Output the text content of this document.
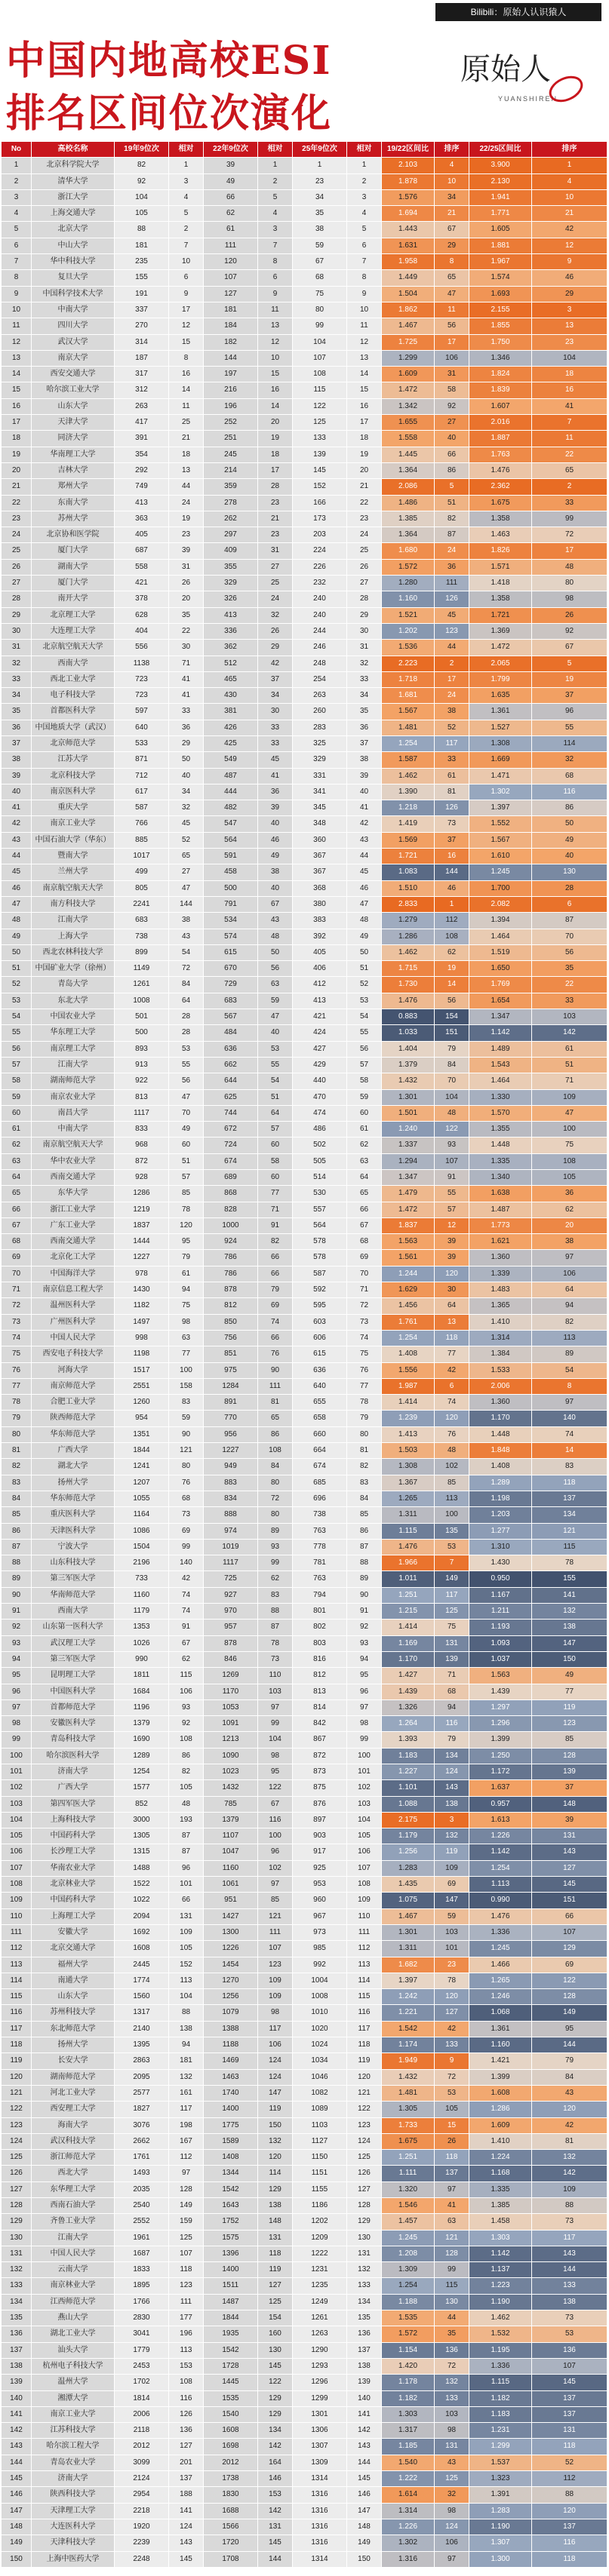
Bilibili：原始人认识猿人
中国内地高校ESI
排名区间位次演化
原始人
YUANSHIREN
No	高校名称	19年9位次	相对	22年9位次	相对	25年9位次	相对	19/22区间比	排序	22/25区间比	排序
1	北京科学院大学	82	1	39	1	1	1	2.103	4	3.900	1
2	清华大学	92	3	49	2	23	2	1.878	10	2.130	4
3	浙江大学	104	4	66	5	34	3	1.576	34	1.941	10
4	上海交通大学	105	5	62	4	35	4	1.694	21	1.771	21
5	北京大学	88	2	61	3	38	5	1.443	67	1.605	42
6	中山大学	181	7	111	7	59	6	1.631	29	1.881	12
7	华中科技大学	235	10	120	8	67	7	1.958	8	1.967	9
8	复旦大学	155	6	107	6	68	8	1.449	65	1.574	46
9	中国科学技术大学	191	9	127	9	75	9	1.504	47	1.693	29
10	中南大学	337	17	181	11	80	10	1.862	11	2.155	3
11	四川大学	270	12	184	13	99	11	1.467	56	1.855	13
12	武汉大学	314	15	182	12	104	12	1.725	17	1.750	23
13	南京大学	187	8	144	10	107	13	1.299	106	1.346	104
14	西安交通大学	317	16	197	15	108	14	1.609	31	1.824	18
15	哈尔滨工业大学	312	14	216	16	115	15	1.472	58	1.839	16
16	山东大学	263	11	196	14	122	16	1.342	92	1.607	41
17	天津大学	417	25	252	20	125	17	1.655	27	2.016	7
18	同济大学	391	21	251	19	133	18	1.558	40	1.887	11
19	华南理工大学	354	18	245	18	139	19	1.445	66	1.763	22
20	吉林大学	292	13	214	17	145	20	1.364	86	1.476	65
21	郑州大学	749	44	359	28	152	21	2.086	5	2.362	2
22	东南大学	413	24	278	23	166	22	1.486	51	1.675	33
23	苏州大学	363	19	262	21	173	23	1.385	82	1.358	99
24	北京协和医学院	405	23	297	23	203	24	1.364	87	1.463	72
25	厦门大学	687	39	409	31	224	25	1.680	24	1.826	17
26	湖南大学	558	31	355	27	226	26	1.572	36	1.571	48
27	厦门大学	421	26	329	25	232	27	1.280	111	1.418	80
28	南开大学	378	20	326	24	240	28	1.160	126	1.358	98
29	北京理工大学	628	35	413	32	240	29	1.521	45	1.721	26
30	大连理工大学	404	22	336	26	244	30	1.202	123	1.369	92
31	北京航空航天大学	556	30	362	29	246	31	1.536	44	1.472	67
32	西南大学	1138	71	512	42	248	32	2.223	2	2.065	5
33	西北工业大学	723	41	465	37	254	33	1.718	17	1.799	19
34	电子科技大学	723	41	430	34	263	34	1.681	24	1.635	37
35	首都医科大学	597	33	381	30	260	35	1.567	38	1.361	96
36	中国地质大学（武汉）	640	36	426	33	283	36	1.481	52	1.527	55
37	北京师范大学	533	29	425	33	325	37	1.254	117	1.308	114
38	江苏大学	871	50	549	45	329	38	1.587	33	1.669	32
39	北京科技大学	712	40	487	41	331	39	1.462	61	1.471	68
40	南京医科大学	617	34	444	36	341	40	1.390	81	1.302	116
41	重庆大学	587	32	482	39	345	41	1.218	126	1.397	86
42	南京工业大学	766	45	547	40	348	42	1.419	73	1.552	50
43	中国石油大学（华东）	885	52	564	46	360	43	1.569	37	1.567	49
44	暨南大学	1017	65	591	49	367	44	1.721	16	1.610	40
45	兰州大学	499	27	458	38	367	45	1.083	144	1.245	130
46	南京航空航天大学	805	47	500	40	368	46	1.510	46	1.700	28
47	南方科技大学	2241	144	791	67	380	47	2.833	1	2.082	6
48	江南大学	683	38	534	43	383	48	1.279	112	1.394	87
49	上海大学	738	43	574	48	392	49	1.286	108	1.464	70
50	西北农林科技大学	899	54	615	50	405	50	1.462	62	1.519	56
51	中国矿业大学（徐州）	1149	72	670	56	406	51	1.715	19	1.650	35
52	青岛大学	1261	84	729	63	412	52	1.730	14	1.769	22
53	东北大学	1008	64	683	59	413	53	1.476	56	1.654	33
54	中国农业大学	501	28	567	47	421	54	0.883	154	1.347	103
55	华东理工大学	500	28	484	40	424	55	1.033	151	1.142	142
56	南京理工大学	893	53	636	53	427	56	1.404	79	1.489	61
57	江南大学	913	55	662	55	429	57	1.379	84	1.543	51
58	湖南师范大学	922	56	644	54	440	58	1.432	70	1.464	71
59	南京农业大学	813	47	625	51	470	59	1.301	104	1.330	109
60	南昌大学	1117	70	744	64	474	60	1.501	48	1.570	47
61	中南大学	833	49	672	57	486	61	1.240	122	1.355	100
62	南京航空航天大学	968	60	724	60	502	62	1.337	93	1.448	75
63	华中农业大学	872	51	674	58	505	63	1.294	107	1.335	108
64	西南交通大学	928	57	689	60	514	64	1.347	91	1.340	105
65	东华大学	1286	85	868	77	530	65	1.479	55	1.638	36
66	浙江工业大学	1219	78	828	71	557	66	1.472	57	1.487	62
67	广东工业大学	1837	120	1000	91	564	67	1.837	12	1.773	20
68	西南交通大学	1444	95	924	82	578	68	1.563	39	1.621	38
69	北京化工大学	1227	79	786	66	578	69	1.561	39	1.360	97
70	中国海洋大学	978	61	786	66	587	70	1.244	120	1.339	106
71	南京信息工程大学	1430	94	878	79	592	71	1.629	30	1.483	64
72	温州医科大学	1182	75	812	69	595	72	1.456	64	1.365	94
73	广州医科大学	1497	98	850	74	603	73	1.761	13	1.410	82
74	中国人民大学	998	63	756	66	606	74	1.254	118	1.314	113
75	西安电子科技大学	1198	77	851	76	615	75	1.408	77	1.384	89
76	河海大学	1517	100	975	90	636	76	1.556	42	1.533	54
77	南京师范大学	2551	158	1284	111	640	77	1.987	6	2.006	8
78	合肥工业大学	1260	83	891	81	655	78	1.414	74	1.360	97
79	陕西师范大学	954	59	770	65	658	79	1.239	120	1.170	140
80	华东师范大学	1351	90	956	86	660	80	1.413	76	1.448	74
81	广西大学	1844	121	1227	108	664	81	1.503	48	1.848	14
82	湖北大学	1241	80	949	84	674	82	1.308	102	1.408	83
83	扬州大学	1207	76	883	80	685	83	1.367	85	1.289	118
84	华东师范大学	1055	68	834	72	696	84	1.265	113	1.198	137
85	重庆医科大学	1164	73	888	80	738	85	1.311	100	1.203	134
86	天津医科大学	1086	69	974	89	763	86	1.115	135	1.277	121
87	宁波大学	1504	99	1019	93	778	87	1.476	53	1.310	115
88	山东科技大学	2196	140	1117	99	781	88	1.966	7	1.430	78
89	第三军医大学	733	42	725	62	763	89	1.011	149	0.950	155
90	华南师范大学	1160	74	927	83	794	90	1.251	117	1.167	141
91	西南大学	1179	74	970	88	801	91	1.215	125	1.211	132
92	山东第一医科大学	1353	91	957	87	802	92	1.414	75	1.193	138
93	武汉理工大学	1026	67	878	78	803	93	1.169	131	1.093	147
94	第三军医大学	990	62	846	73	816	94	1.170	139	1.037	150
95	昆明理工大学	1811	115	1269	110	812	95	1.427	71	1.563	49
96	中国医科大学	1684	106	1170	103	813	96	1.439	68	1.439	77
97	首都师范大学	1196	93	1053	97	814	97	1.326	94	1.297	119
98	安徽医科大学	1379	92	1091	99	842	98	1.264	116	1.296	123
99	青岛科技大学	1690	108	1213	104	867	99	1.393	79	1.399	85
100	哈尔滨医科大学	1289	86	1090	98	872	100	1.183	134	1.250	128
101	济南大学	1254	82	1023	95	873	101	1.227	124	1.172	139
102	广西大学	1577	105	1432	122	875	102	1.101	143	1.637	37
103	第四军医大学	852	48	785	67	876	103	1.088	138	0.957	148
104	上海科技大学	3000	193	1379	116	897	104	2.175	3	1.613	39
105	中国药科大学	1305	87	1107	100	903	105	1.179	132	1.226	131
106	长沙理工大学	1315	87	1047	96	917	106	1.256	119	1.142	143
107	华南农业大学	1488	96	1160	102	925	107	1.283	109	1.254	127
108	北京林业大学	1522	101	1061	97	953	108	1.435	69	1.113	145
109	中国药科大学	1022	66	951	85	960	109	1.075	147	0.990	151
110	上海理工大学	2094	131	1427	121	967	110	1.467	59	1.476	66
111	安徽大学	1692	109	1300	111	973	111	1.301	103	1.336	107
112	北京交通大学	1608	105	1226	107	985	112	1.311	101	1.245	129
113	福州大学	2445	152	1454	123	992	113	1.682	23	1.466	69
114	南通大学	1774	113	1270	109	1004	114	1.397	78	1.265	122
115	山东大学	1560	104	1256	109	1008	115	1.242	120	1.246	128
116	苏州科技大学	1317	88	1079	98	1010	116	1.221	127	1.068	149
117	东北师范大学	2140	138	1388	117	1020	117	1.542	42	1.361	95
118	扬州大学	1395	94	1188	106	1024	118	1.174	133	1.160	144
119	长安大学	2863	181	1469	124	1034	119	1.949	9	1.421	79
120	湖南师范大学	2095	132	1463	124	1046	120	1.432	72	1.399	84
121	河北工业大学	2577	161	1740	147	1082	121	1.481	53	1.608	43
122	西安理工大学	1827	117	1400	119	1089	122	1.305	105	1.286	120
123	海南大学	3076	198	1775	150	1103	123	1.733	15	1.609	42
124	武汉科技大学	2662	167	1589	132	1127	124	1.675	26	1.410	81
125	浙江师范大学	1761	112	1408	120	1150	125	1.251	118	1.224	132
126	西北大学	1493	97	1344	114	1151	126	1.111	137	1.168	142
127	东华理工大学	2035	128	1542	129	1155	127	1.320	97	1.335	109
128	西南石油大学	2540	149	1643	138	1186	128	1.546	41	1.385	88
129	齐鲁工业大学	2552	159	1752	148	1202	129	1.457	63	1.458	73
130	江南大学	1961	125	1575	131	1209	130	1.245	121	1.303	117
131	中国人民大学	1687	107	1396	118	1222	131	1.208	128	1.142	143
132	云南大学	1833	118	1400	119	1231	132	1.309	99	1.137	144
133	南京林业大学	1895	123	1511	127	1235	133	1.254	115	1.223	133
134	江西师范大学	1766	111	1487	125	1249	134	1.188	130	1.190	138
135	燕山大学	2830	177	1844	154	1261	135	1.535	44	1.462	73
136	湖北工业大学	3041	196	1935	160	1263	136	1.572	35	1.532	53
137	汕头大学	1779	113	1542	130	1290	137	1.154	136	1.195	136
138	杭州电子科技大学	2453	153	1728	145	1293	138	1.420	72	1.336	107
139	温州大学	1702	108	1445	122	1296	139	1.178	132	1.115	145
140	湘潭大学	1814	116	1535	129	1299	140	1.182	133	1.182	137
141	南京工业大学	2006	126	1540	129	1301	141	1.303	103	1.183	137
142	江苏科技大学	2118	136	1608	134	1306	142	1.317	98	1.231	131
143	哈尔滨工程大学	2012	127	1698	142	1307	143	1.185	131	1.299	118
144	青岛农业大学	3099	201	2012	164	1309	144	1.540	43	1.537	52
145	济南大学	2124	137	1738	146	1314	145	1.222	125	1.323	112
146	陕西科技大学	2954	188	1830	153	1316	146	1.614	32	1.391	88
147	天津理工大学	2218	141	1688	142	1316	147	1.314	98	1.283	120
148	大连医科大学	1920	124	1566	131	1316	148	1.226	124	1.190	137
149	天津科技大学	2239	143	1720	145	1316	149	1.302	106	1.307	116
150	上海中医药大学	2248	145	1708	144	1314	150	1.316	97	1.300	118
